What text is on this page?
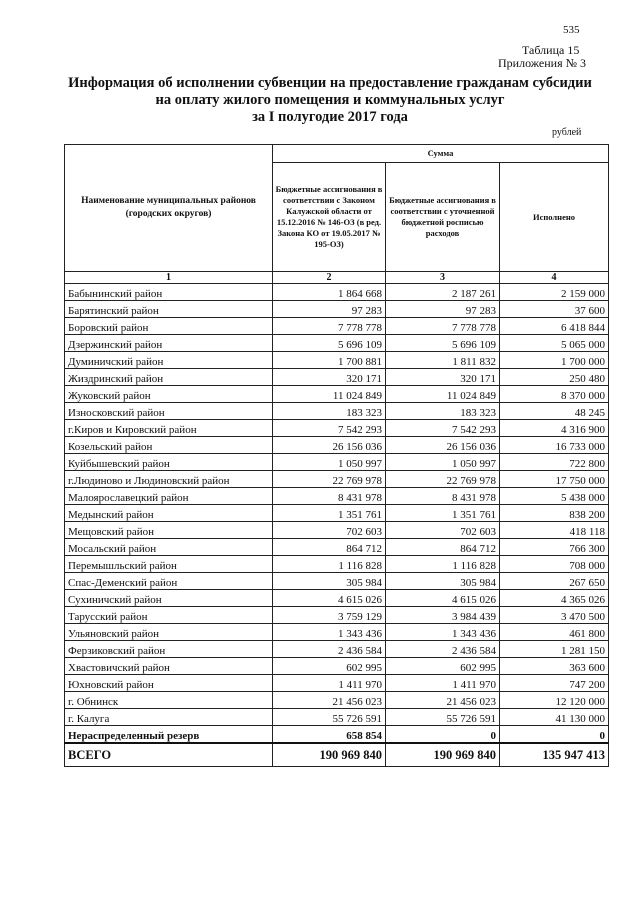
535
Таблица 15
Приложения № 3
Информация об исполнении субвенции на предоставление гражданам субсидии
на оплату жилого помещения и коммунальных услуг
за I полугодие 2017 года
рублей
Наименование муниципальных районов (городских округов)	Сумма		
	Бюджетные ассигнования в соответствии с Законом Калужской области от 15.12.2016 № 146-ОЗ (в ред. Закона КО от 19.05.2017 № 195-ОЗ)	Бюджетные ассигнования в соответствии с уточненной бюджетной росписью расходов	Исполнено
1	2	3	4
Бабынинский район	1 864 668	2 187 261	2 159 000
Барятинский район	97 283	97 283	37 600
Боровский район	7 778 778	7 778 778	6 418 844
Дзержинский район	5 696 109	5 696 109	5 065 000
Думиничский район	1 700 881	1 811 832	1 700 000
Жиздринский район	320 171	320 171	250 480
Жуковский район	11 024 849	11 024 849	8 370 000
Износковский район	183 323	183 323	48 245
г.Киров и Кировский район	7 542 293	7 542 293	4 316 900
Козельский район	26 156 036	26 156 036	16 733 000
Куйбышевский район	1 050 997	1 050 997	722 800
г.Людиново и Людиновский район	22 769 978	22 769 978	17 750 000
Малоярославецкий район	8 431 978	8 431 978	5 438 000
Медынский район	1 351 761	1 351 761	838 200
Мещовский район	702 603	702 603	418 118
Мосальский район	864 712	864 712	766 300
Перемышльский район	1 116 828	1 116 828	708 000
Спас-Деменский район	305 984	305 984	267 650
Сухиничский район	4 615 026	4 615 026	4 365 026
Тарусский район	3 759 129	3 984 439	3 470 500
Ульяновский район	1 343 436	1 343 436	461 800
Ферзиковский район	2 436 584	2 436 584	1 281 150
Хвастовичский район	602 995	602 995	363 600
Юхновский район	1 411 970	1 411 970	747 200
г. Обнинск	21 456 023	21 456 023	12 120 000
г. Калуга	55 726 591	55 726 591	41 130 000
Нераспределенный резерв	658 854	0	0
ВСЕГО	190 969 840	190 969 840	135 947 413
